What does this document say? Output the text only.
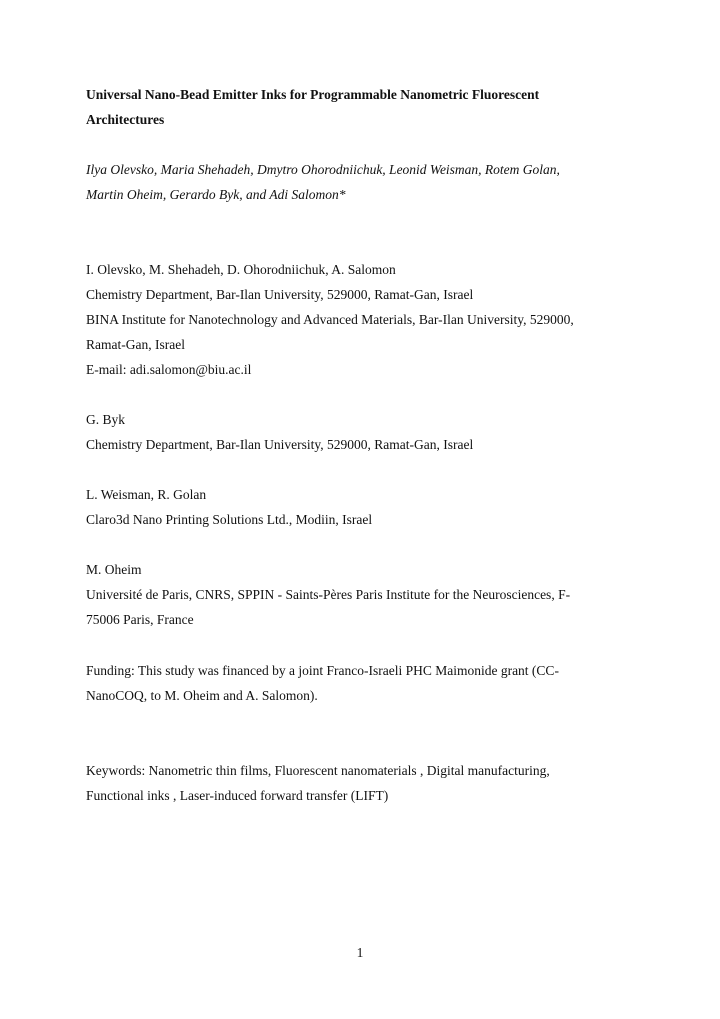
Universal Nano-Bead Emitter Inks for Programmable Nanometric Fluorescent
Architectures
Ilya Olevsko, Maria Shehadeh, Dmytro Ohorodniichuk, Leonid Weisman, Rotem Golan,
Martin Oheim, Gerardo Byk, and Adi Salomon*
I. Olevsko, M. Shehadeh, D. Ohorodniichuk, A. Salomon
Chemistry Department, Bar-Ilan University, 529000, Ramat-Gan, Israel
BINA Institute for Nanotechnology and Advanced Materials, Bar-Ilan University, 529000,
Ramat-Gan, Israel
E-mail: adi.salomon@biu.ac.il
G. Byk
Chemistry Department, Bar-Ilan University, 529000, Ramat-Gan, Israel
L. Weisman, R. Golan
Claro3d Nano Printing Solutions Ltd., Modiin, Israel
M. Oheim
Université de Paris, CNRS, SPPIN - Saints-Pères Paris Institute for the Neurosciences, F-
75006 Paris, France
Funding: This study was financed by a joint Franco-Israeli PHC Maimonide grant (CC-
NanoCOQ, to M. Oheim and A. Salomon).
Keywords: Nanometric thin films, Fluorescent nanomaterials , Digital manufacturing,
Functional inks , Laser-induced forward transfer (LIFT)
1
